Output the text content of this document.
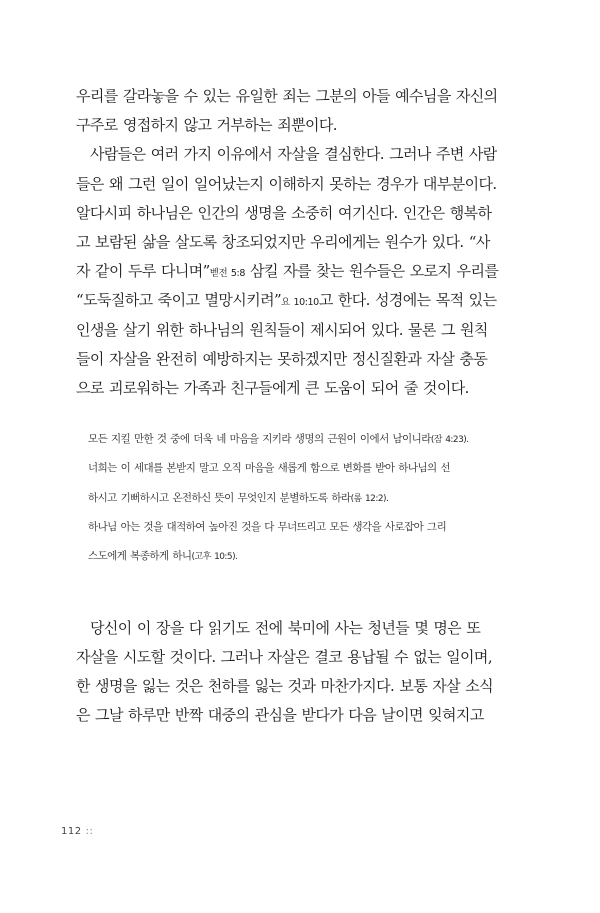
우리를 갈라놓을 수 있는 유일한 죄는 그분의 아들 예수님을 자신의
구주로 영접하지 않고 거부하는 죄뿐이다.
사람들은 여러 가지 이유에서 자살을 결심한다. 그러나 주변 사람
들은 왜 그런 일이 일어났는지 이해하지 못하는 경우가 대부분이다.
알다시피 하나님은 인간의 생명을 소중히 여기신다. 인간은 행복하
고 보람된 삶을 살도록 창조되었지만 우리에게는 원수가 있다. “사
자 같이 두루 다니며”벧전 5:8 삼킬 자를 찾는 원수들은 오로지 우리를
“도둑질하고 죽이고 멸망시키려”요 10:10고 한다. 성경에는 목적 있는
인생을 살기 위한 하나님의 원칙들이 제시되어 있다. 물론 그 원칙
들이 자살을 완전히 예방하지는 못하겠지만 정신질환과 자살 충동
으로 괴로워하는 가족과 친구들에게 큰 도움이 되어 줄 것이다.
모든 지킬 만한 것 중에 더욱 네 마음을 지키라 생명의 근원이 이에서 남이니라(잠 4:23).
너희는 이 세대를 본받지 말고 오직 마음을 새롭게 함으로 변화를 받아 하나님의 선
하시고 기뻐하시고 온전하신 뜻이 무엇인지 분별하도록 하라(롬 12:2).
하나님 아는 것을 대적하여 높아진 것을 다 무너뜨리고 모든 생각을 사로잡아 그리
스도에게 복종하게 하니(고후 10:5).
당신이 이 장을 다 읽기도 전에 북미에 사는 청년들 몇 명은 또
자살을 시도할 것이다. 그러나 자살은 결코 용납될 수 없는 일이며,
한 생명을 잃는 것은 천하를 잃는 것과 마찬가지다. 보통 자살 소식
은 그날 하루만 반짝 대중의 관심을 받다가 다음 날이면 잊혀지고
112 ::
